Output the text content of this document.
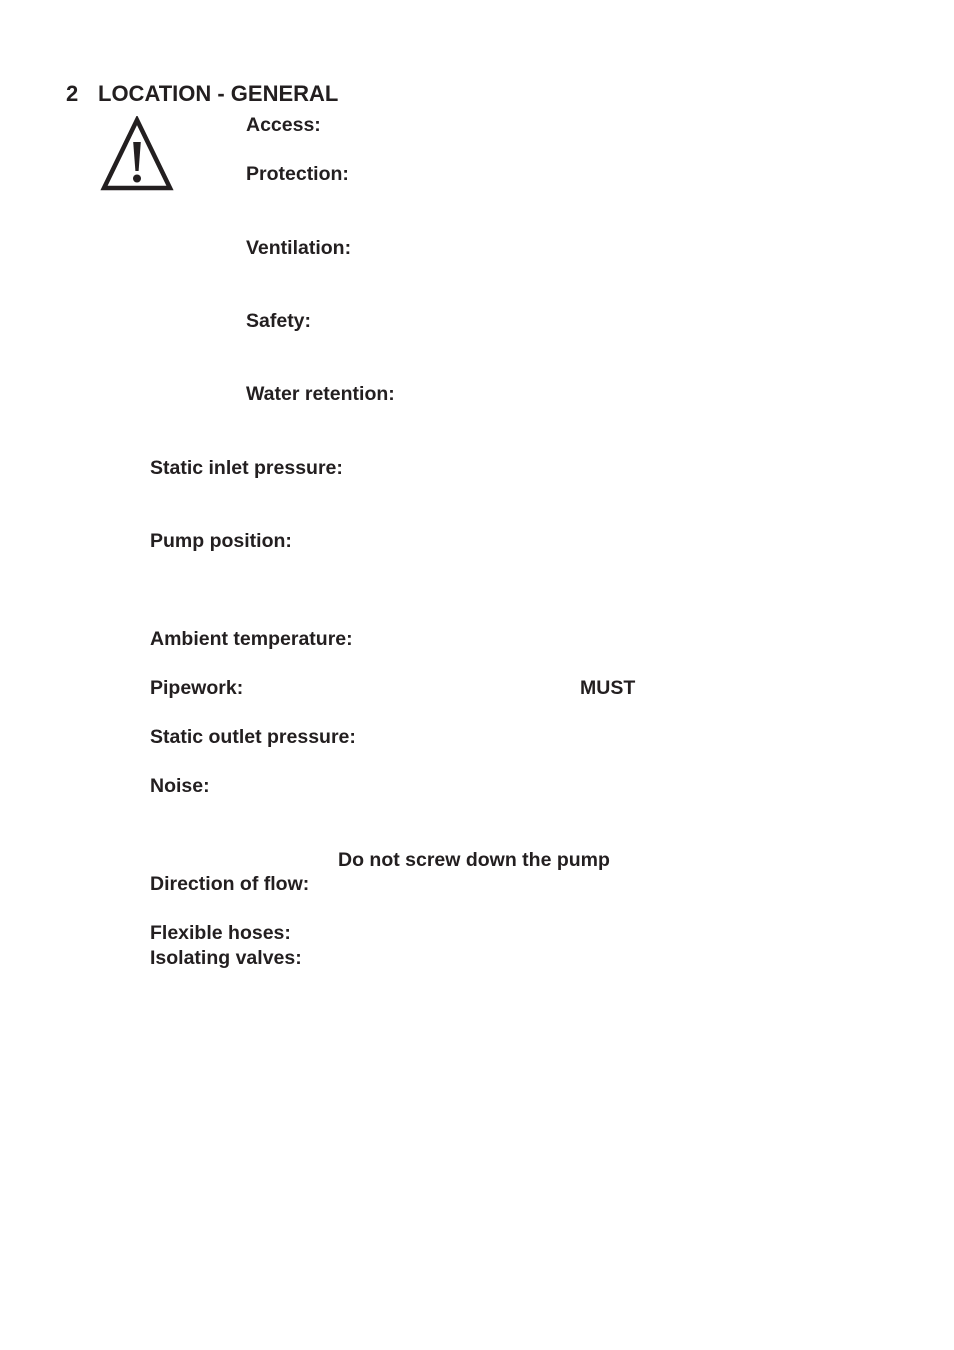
2 LOCATION - GENERAL
Access:
Protection:
Ventilation:
Safety:
Water retention:
Static inlet pressure:
Pump position:
Ambient temperature:
Pipework:	MUST
Static outlet pressure:
Noise:
Do not screw down the pump
Direction of flow:
Flexible hoses:
Isolating valves:
